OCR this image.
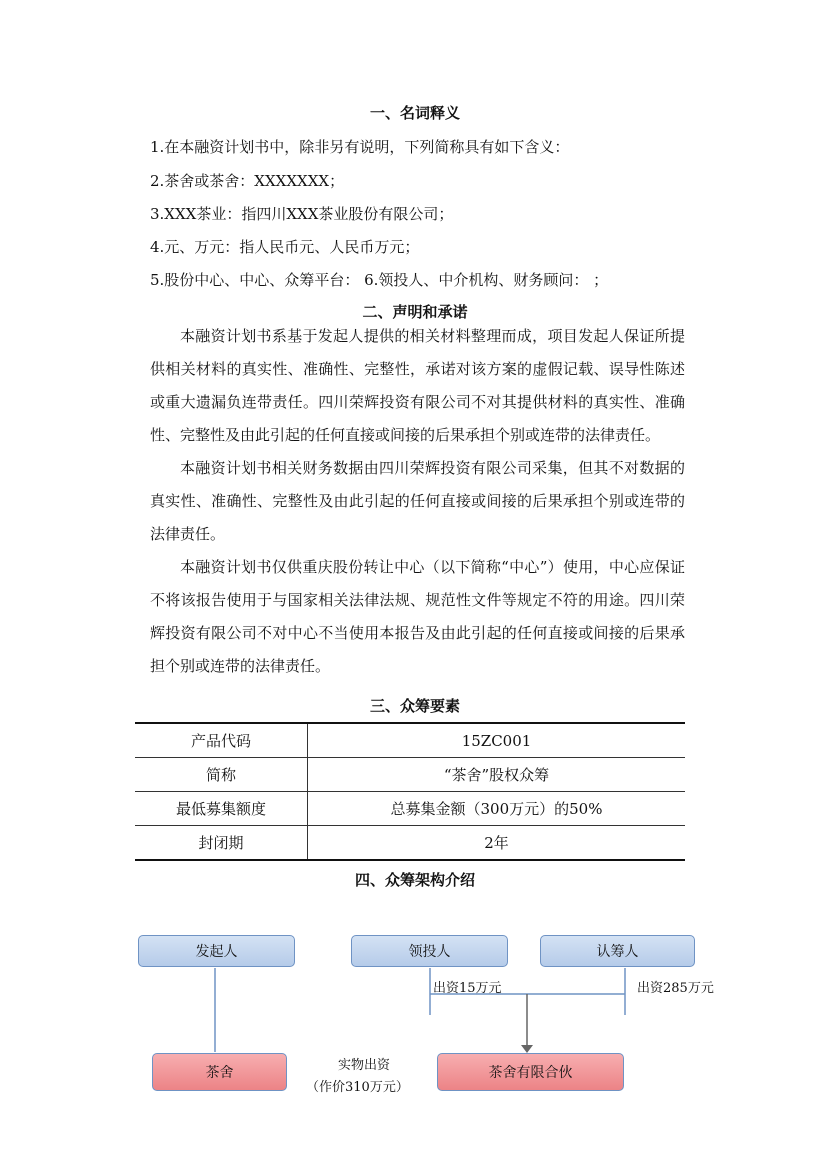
一、名词释义
1.在本融资计划书中，除非另有说明，下列简称具有如下含义：
2.茶舍或茶舍：XXXXXXX；
3.XXX茶业：指四川XXX茶业股份有限公司；
4.元、万元：指人民币元、人民币万元；
5.股份中心、中心、众筹平台： 6.领投人、中介机构、财务顾问： ；
二、声明和承诺
本融资计划书系基于发起人提供的相关材料整理而成，项目发起人保证所提供相关材料的真实性、准确性、完整性，承诺对该方案的虚假记载、误导性陈述或重大遗漏负连带责任。四川荣辉投资有限公司不对其提供材料的真实性、准确性、完整性及由此引起的任何直接或间接的后果承担个别或连带的法律责任。
本融资计划书相关财务数据由四川荣辉投资有限公司采集，但其不对数据的真实性、准确性、完整性及由此引起的任何直接或间接的后果承担个别或连带的法律责任。
本融资计划书仅供重庆股份转让中心（以下简称“中心”）使用，中心应保证不将该报告使用于与国家相关法律法规、规范性文件等规定不符的用途。四川荣辉投资有限公司不对中心不当使用本报告及由此引起的任何直接或间接的后果承担个别或连带的法律责任。
三、众筹要素
产品代码	15ZC001
简称	“茶舍”股权众筹
最低募集额度	总募集金额（300万元）的50%
封闭期	2年
四、众筹架构介绍
发起人	领投人	认筹人
出资15万元	出资285万元
茶舍	实物出资
（作价310万元）
茶舍有限合伙
